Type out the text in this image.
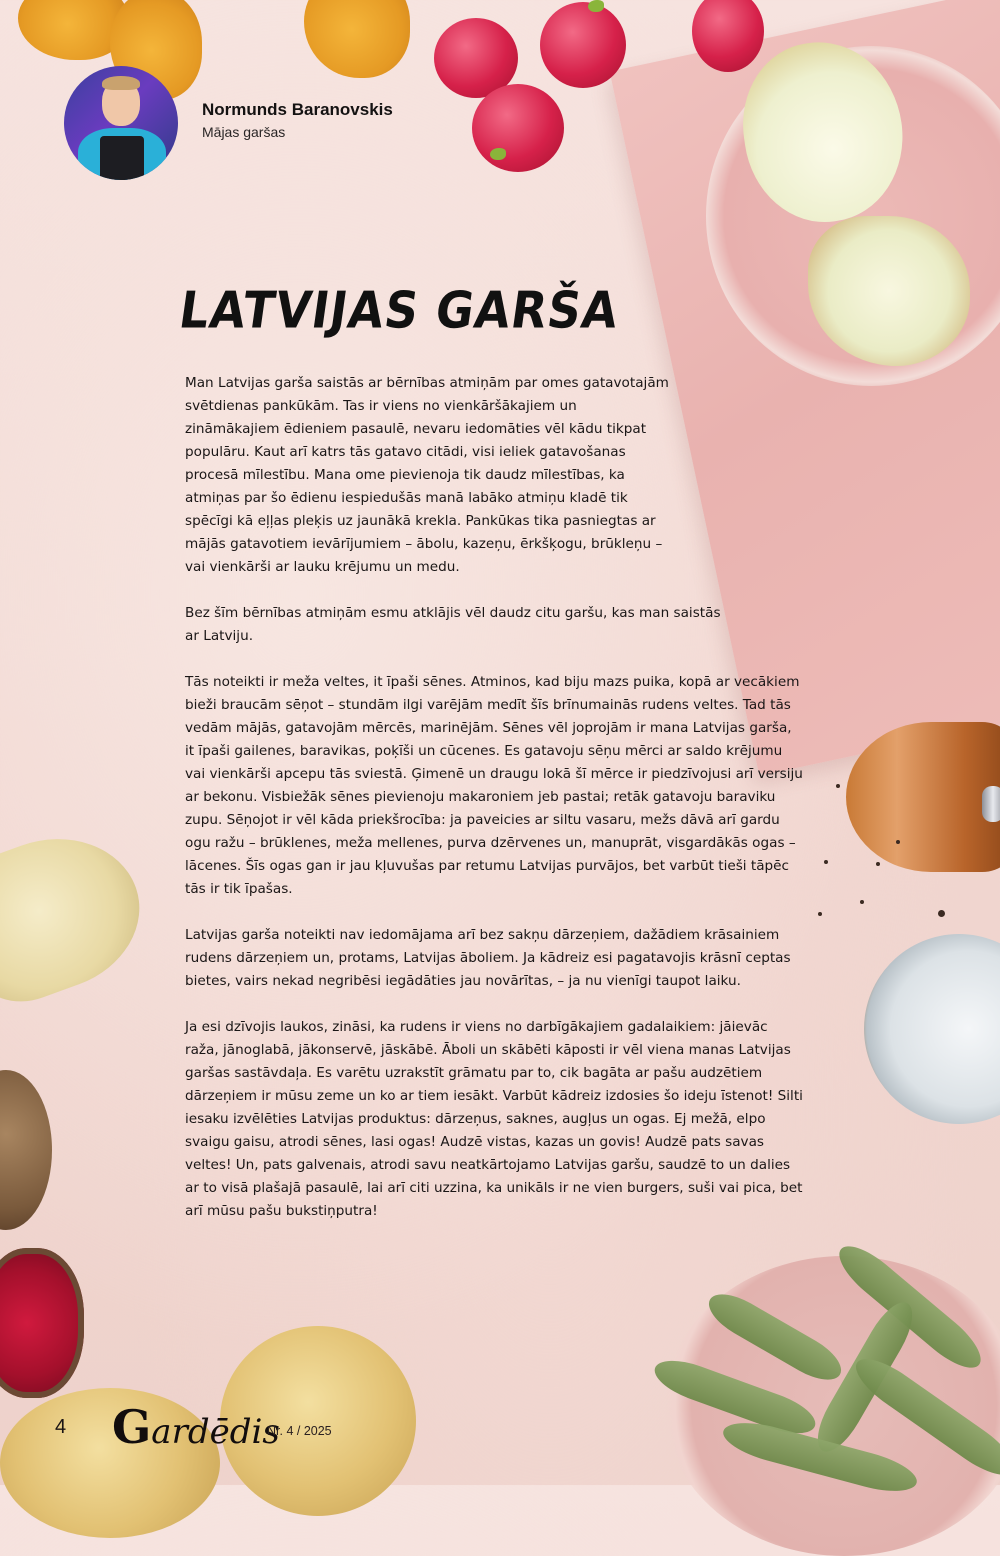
Normunds Baranovskis
Mājas garšas
LATVIJAS GARŠA

Man Latvijas garša saistās ar bērnības atmiņām par omes gatavotajām svētdienas pankūkām. Tas ir viens no vienkāršākajiem un zināmākajiem ēdieniem pasaulē, nevaru iedomāties vēl kādu tikpat populāru. Kaut arī katrs tās gatavo citādi, visi ieliek gatavošanas procesā mīlestību. Mana ome pievienoja tik daudz mīlestības, ka atmiņas par šo ēdienu iespiedušās manā labāko atmiņu kladē tik spēcīgi kā eļļas pleķis uz jaunākā krekla. Pankūkas tika pasniegtas ar mājās gatavotiem ievārījumiem – ābolu, kazeņu, ērkšķogu, brūkleņu – vai vienkārši ar lauku krējumu un medu.

Bez šīm bērnības atmiņām esmu atklājis vēl daudz citu garšu, kas man saistās ar Latviju.

Tās noteikti ir meža veltes, it īpaši sēnes. Atminos, kad biju mazs puika, kopā ar vecākiem bieži braucām sēņot – stundām ilgi varējām medīt šīs brīnumainās rudens veltes. Tad tās vedām mājās, gatavojām mērcēs, marinējām. Sēnes vēl joprojām ir mana Latvijas garša, it īpaši gailenes, baravikas, poķīši un cūcenes. Es gatavoju sēņu mērci ar saldo krējumu vai vienkārši apcepu tās sviestā. Ģimenē un draugu lokā šī mērce ir piedzīvojusi arī versiju ar bekonu. Visbiežāk sēnes pievienoju makaroniem jeb pastai; retāk gatavoju baraviku zupu. Sēņojot ir vēl kāda priekšrocība: ja paveicies ar siltu vasaru, mežs dāvā arī gardu ogu ražu – brūklenes, meža mellenes, purva dzērvenes un, manuprāt, visgardākās ogas – lācenes. Šīs ogas gan ir jau kļuvušas par retumu Latvijas purvājos, bet varbūt tieši tāpēc tās ir tik īpašas.

Latvijas garša noteikti nav iedomājama arī bez sakņu dārzeņiem, dažādiem krāsainiem rudens dārzeņiem un, protams, Latvijas āboliem. Ja kādreiz esi pagatavojis krāsnī ceptas bietes, vairs nekad negribēsi iegādāties jau novārītas, – ja nu vienīgi taupot laiku.

Ja esi dzīvojis laukos, zināsi, ka rudens ir viens no darbīgākajiem gadalaikiem: jāievāc raža, jānoglabā, jākonservē, jāskābē. Āboli un skābēti kāposti ir vēl viena manas Latvijas garšas sastāvdaļa. Es varētu uzrakstīt grāmatu par to, cik bagāta ar pašu audzētiem dārzeņiem ir mūsu zeme un ko ar tiem iesākt. Varbūt kādreiz izdosies šo ideju īstenot! Silti iesaku izvēlēties Latvijas produktus: dārzeņus, saknes, augļus un ogas. Ej mežā, elpo svaigu gaisu, atrodi sēnes, lasi ogas! Audzē vistas, kazas un govis! Audzē pats savas veltes! Un, pats galvenais, atrodi savu neatkārtojamo Latvijas garšu, saudzē to un dalies ar to visā plašajā pasaulē, lai arī citi uzzina, ka unikāls ir ne vien burgers, suši vai pica, bet arī mūsu pašu bukstiņputra!

4 Gardēdis
Nr. 4 / 2025
